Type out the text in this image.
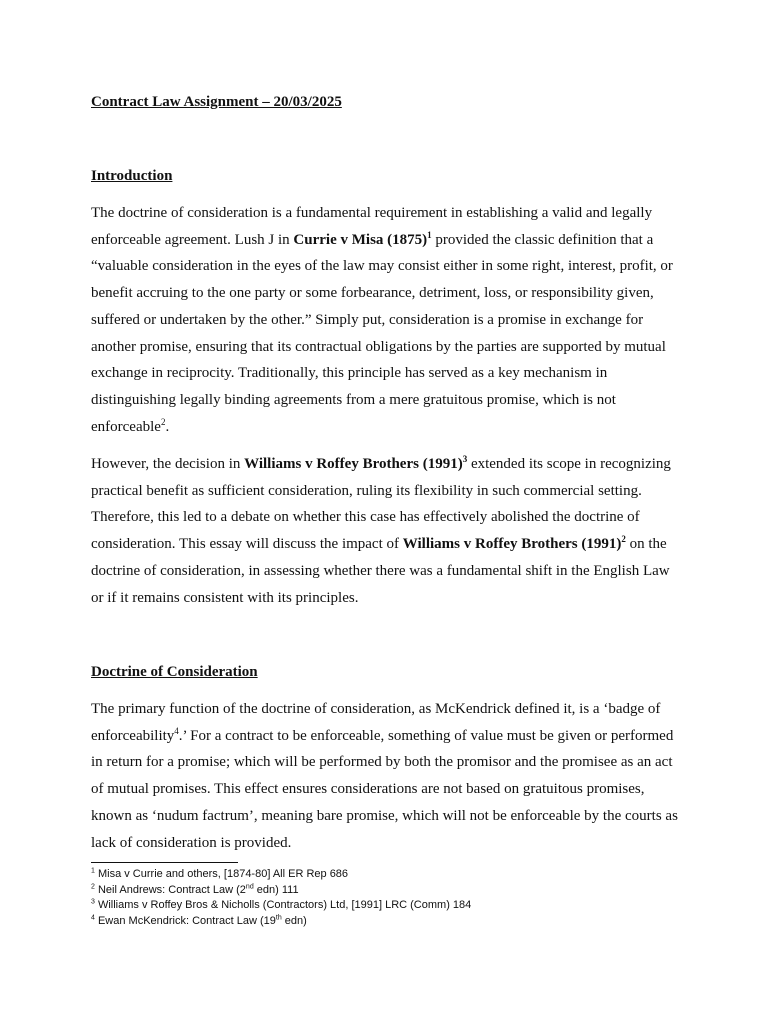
Contract Law Assignment – 20/03/2025
Introduction

The doctrine of consideration is a fundamental requirement in establishing a valid and legally enforceable agreement. Lush J in Currie v Misa $(1875)^1$ provided the classic definition that a “valuable consideration in the eyes of the law may consist either in some right, interest, profit, or benefit accruing to the one party or some forbearance, detriment, loss, or responsibility given, suffered or undertaken by the other.” Simply put, consideration is a promise in exchange for another promise, ensuring that its contractual obligations by the parties are supported by mutual exchange in reciprocity. Traditionally, this principle has served as a key mechanism in distinguishing legally binding agreements from a mere gratuitous promise, which is not enforceable$^2$.

However, the decision in Williams v Roffey Brothers $(1991)^3$ extended its scope in recognizing practical benefit as sufficient consideration, ruling its flexibility in such commercial setting. Therefore, this led to a debate on whether this case has effectively abolished the doctrine of consideration. This essay will discuss the impact of Williams v Roffey Brothers $(1991)^2$ on the doctrine of consideration, in assessing whether there was a fundamental shift in the English Law or if it remains consistent with its principles.

Doctrine of Consideration

The primary function of the doctrine of consideration, as McKendrick defined it, is a ‘badge of enforceability$^4$.’ For a contract to be enforceable, something of value must be given or performed in return for a promise; which will be performed by both the promisor and the promisee as an act of mutual promises. This effect ensures considerations are not based on gratuitous promises, known as ‘nudum factrum’, meaning bare promise, which will not be enforceable by the courts as lack of consideration is provided.

$^1$ Misa v Currie and others, [1874-80] All ER Rep 686
$^2$ Neil Andrews: Contract Law (2nd edn) 111
$^3$ Williams v Roffey Bros & Nicholls (Contractors) Ltd, [1991] LRC (Comm) 184
$^4$ Ewan McKendrick: Contract Law (19th edn)
